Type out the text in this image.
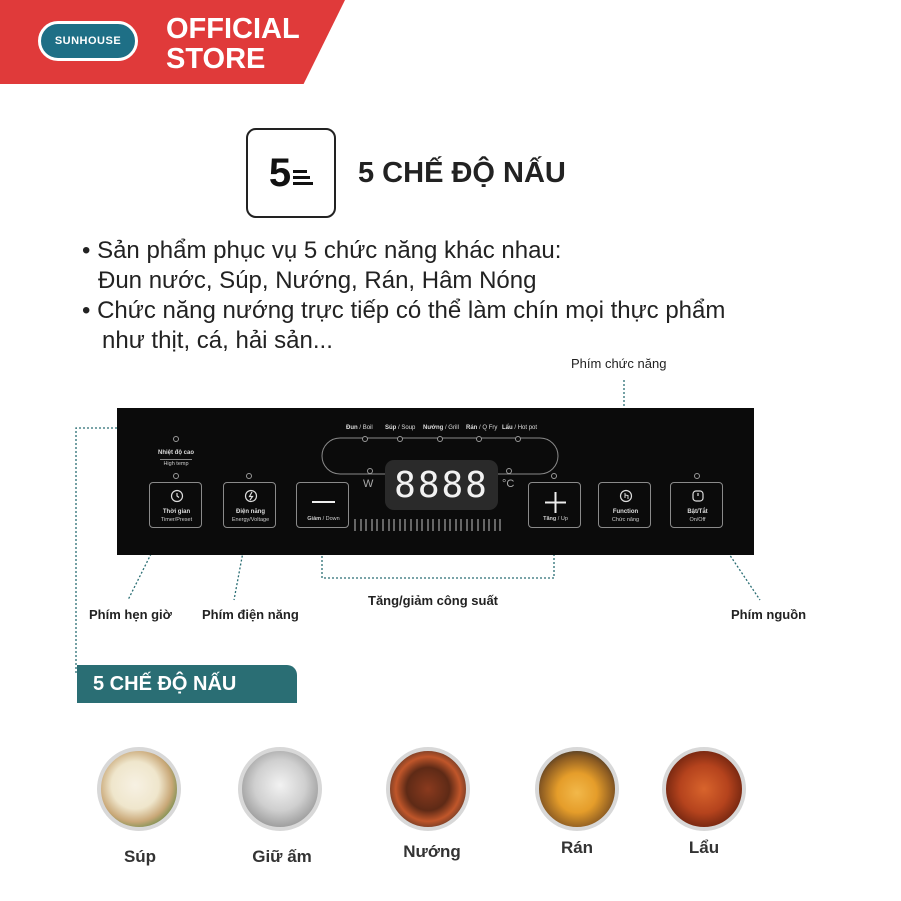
SUNHOUSE OFFICIAL
STORE
5 5 CHẾ ĐỘ NẤU
• Sản phẩm phục vụ 5 chức năng khác nhau:
Đun nước, Súp, Nướng, Rán, Hâm Nóng
• Chức năng nướng trực tiếp có thể làm chín mọi thực phẩm
như thịt, cá, hải sản...
Đun / Boil Súp / Soup Nướng / Grill Rán / Q Fry Lẩu / Hot pot
Nhiệt độ cao
High temp
8888
W	°C
Thời gian
Timer/Preset
Điện năng
Energy/Voltage	Giảm / Down	Tăng / Up
Function
Chức năng
Bật/Tắt
On/Off
Phím chức năng
Phím hẹn giờ Phím điện năng
Tăng/giảm công suất
Phím nguồn
5 CHẾ ĐỘ NẤU
Súp	Giữ ấm	Nướng	Rán	Lẩu
